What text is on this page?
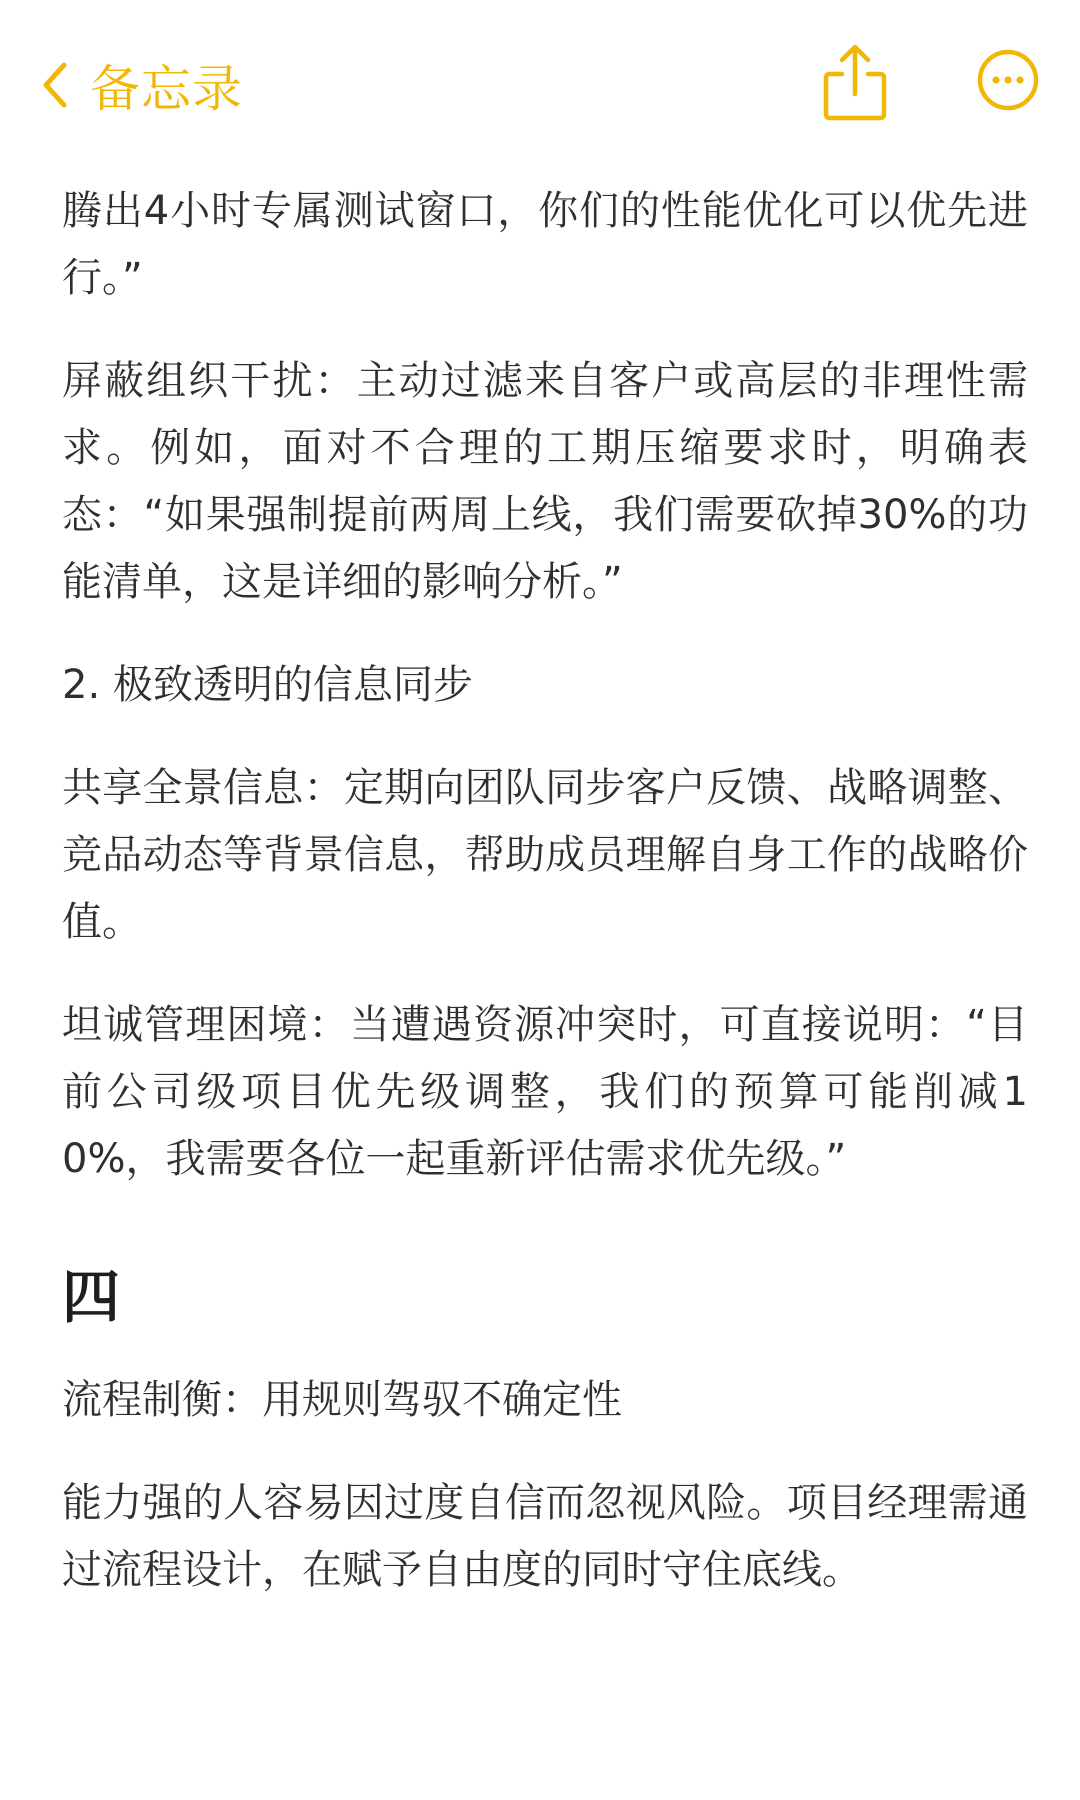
备忘录

腾出4小时专属测试窗口，你们的性能优化可以优先进行。”

屏蔽组织干扰：主动过滤来自客户或高层的非理性需求。例如，面对不合理的工期压缩要求时，明确表态：“如果强制提前两周上线，我们需要砍掉30%的功能清单，这是详细的影响分析。”

2. 极致透明的信息同步

共享全景信息：定期向团队同步客户反馈、战略调整、竞品动态等背景信息，帮助成员理解自身工作的战略价值。

坦诚管理困境：当遭遇资源冲突时，可直接说明：“目前公司级项目优先级调整，我们的预算可能削减10%，我需要各位一起重新评估需求优先级。”

四

流程制衡：用规则驾驭不确定性

能力强的人容易因过度自信而忽视风险。项目经理需通过流程设计，在赋予自由度的同时守住底线。
